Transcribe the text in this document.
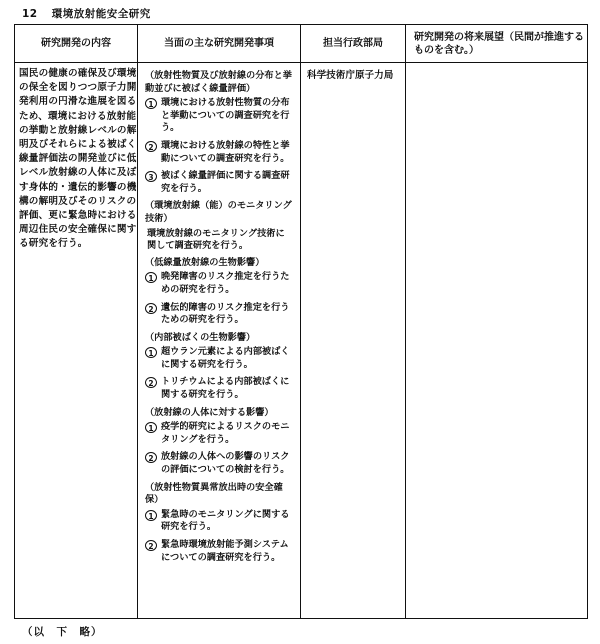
12 環境放射能安全研究
研究開発の内容	当面の主な研究開発事項	担当行政部局
研究開発の将来展望（民間が推進するものを含む。）
国民の健康の確保及び環境の保全を図りつつ原子力開発利用の円滑な進展を図るため、環境における放射能の挙動と放射線レベルの解明及びそれらによる被ばく線量評価法の開発並びに低レベル放射線の人体に及ぼす身体的・遺伝的影響の機構の解明及びそのリスクの評価、更に緊急時における周辺住民の安全確保に関する研究を行う。
（放射性物質及び放射線の分布と挙動並びに被ばく線量評価）
1 環境における放射性物質の分布と挙動についての調査研究を行う。
2 環境における放射線の特性と挙動についての調査研究を行う。
3 被ばく線量評価に関する調査研究を行う。
（環境放射線（能）のモニタリング技術）
環境放射線のモニタリング技術に関して調査研究を行う。
（低線量放射線の生物影響）
1 晩発障害のリスク推定を行うための研究を行う。
2 遺伝的障害のリスク推定を行うための研究を行う。
（内部被ばくの生物影響）
1 超ウラン元素による内部被ばくに関する研究を行う。
2 トリチウムによる内部被ばくに関する研究を行う。
（放射線の人体に対する影響）
1 疫学的研究によるリスクのモニタリングを行う。
2 放射線の人体への影響のリスクの評価についての検討を行う。
（放射性物質異常放出時の安全確保）
1 緊急時のモニタリングに関する研究を行う。
2 緊急時環境放射能予測システムについての調査研究を行う。
科学技術庁原子力局
（以　下　略）
